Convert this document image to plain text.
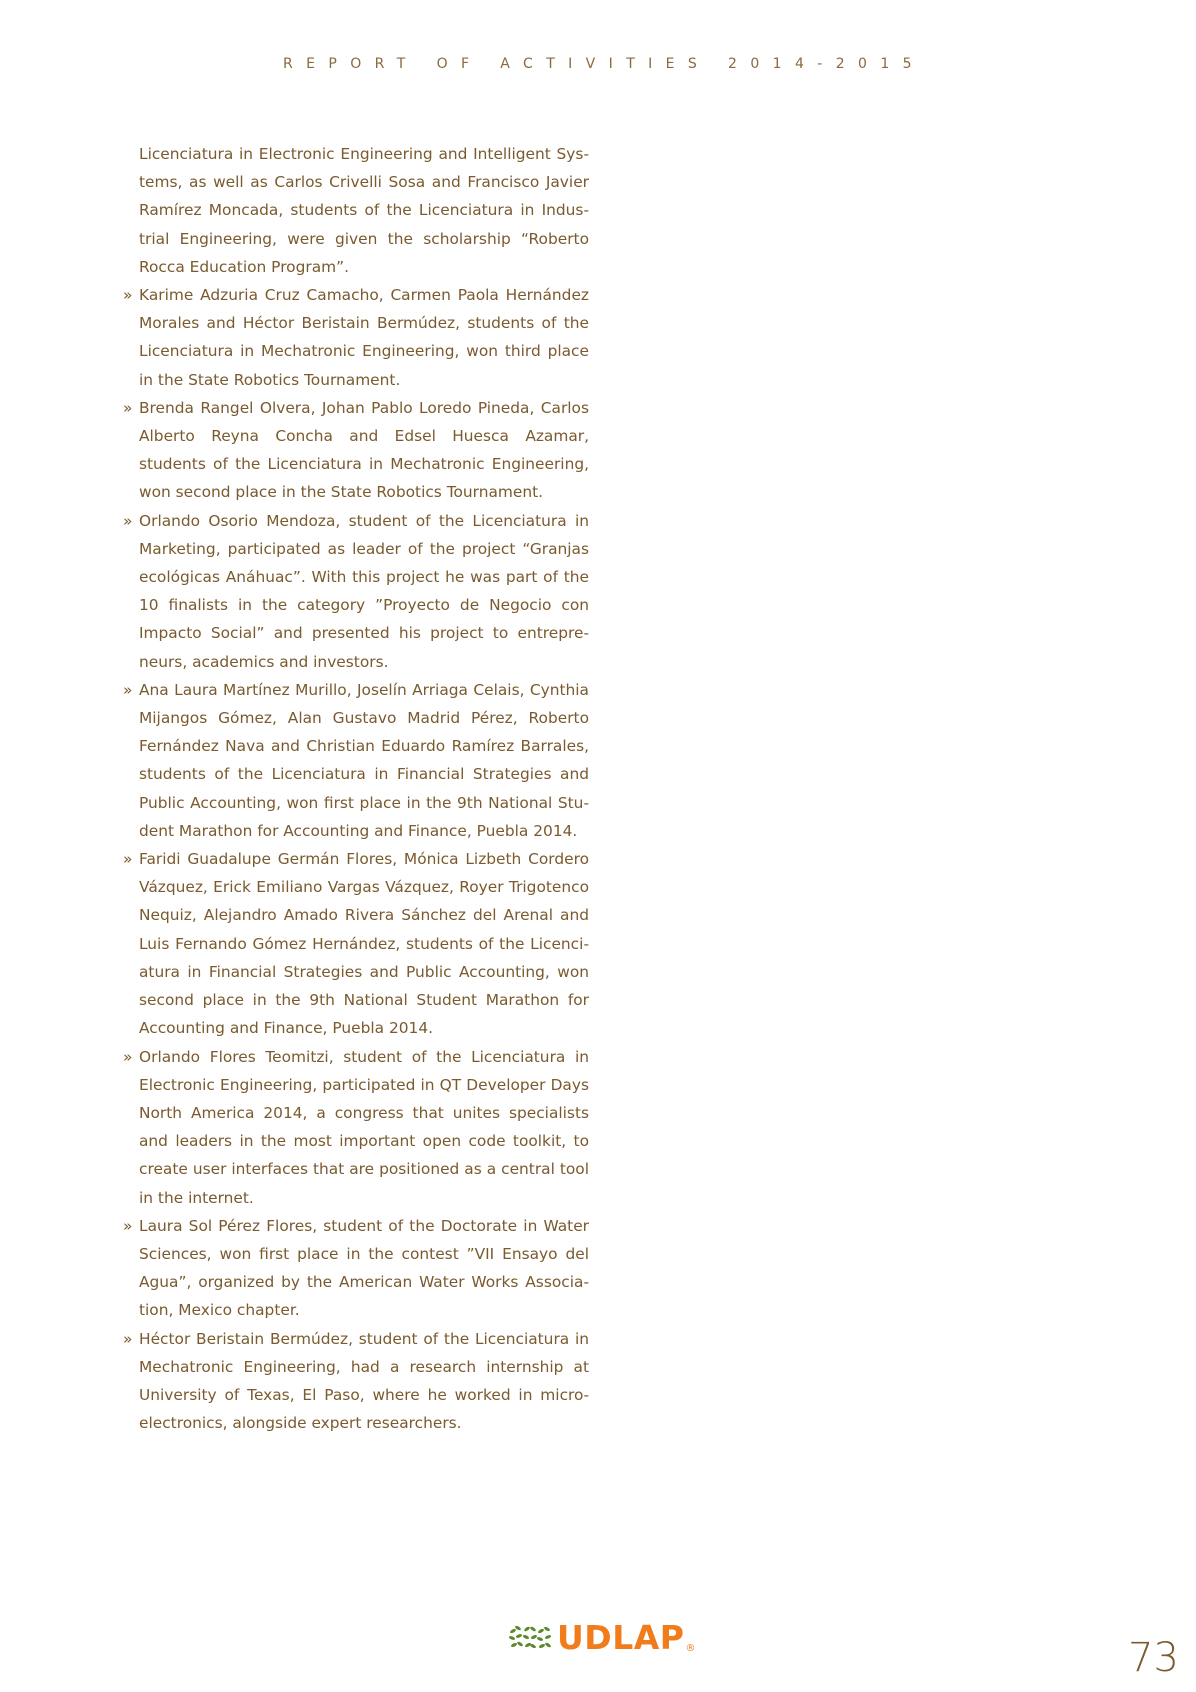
REPORT OF ACTIVITIES 2014-2015

Licenciatura in Electronic Engineering and Intelligent Systems, as well as Carlos Crivelli Sosa and Francisco Javier Ramírez Moncada, students of the Licenciatura in Industrial Engineering, were given the scholarship “Roberto Rocca Education Program”.

» Karime Adzuria Cruz Camacho, Carmen Paola Hernández Morales and Héctor Beristain Bermúdez, students of the Licenciatura in Mechatronic Engineering, won third place in the State Robotics Tournament.

» Brenda Rangel Olvera, Johan Pablo Loredo Pineda, Carlos Alberto Reyna Concha and Edsel Huesca Azamar, students of the Licenciatura in Mechatronic Engineering, won second place in the State Robotics Tournament.

» Orlando Osorio Mendoza, student of the Licenciatura in Marketing, participated as leader of the project “Granjas ecológicas Anáhuac”. With this project he was part of the 10 finalists in the category ”Proyecto de Negocio con Impacto Social” and presented his project to entrepreneurs, academics and investors.

» Ana Laura Martínez Murillo, Joselín Arriaga Celais, Cynthia Mijangos Gómez, Alan Gustavo Madrid Pérez, Roberto Fernández Nava and Christian Eduardo Ramírez Barrales, students of the Licenciatura in Financial Strategies and Public Accounting, won first place in the 9th National Student Marathon for Accounting and Finance, Puebla 2014.

» Faridi Guadalupe Germán Flores, Mónica Lizbeth Cordero Vázquez, Erick Emiliano Vargas Vázquez, Royer Trigotenco Nequiz, Alejandro Amado Rivera Sánchez del Arenal and Luis Fernando Gómez Hernández, students of the Licenciatura in Financial Strategies and Public Accounting, won second place in the 9th National Student Marathon for Accounting and Finance, Puebla 2014.

» Orlando Flores Teomitzi, student of the Licenciatura in Electronic Engineering, participated in QT Developer Days North America 2014, a congress that unites specialists and leaders in the most important open code toolkit, to create user interfaces that are positioned as a central tool in the internet.

» Laura Sol Pérez Flores, student of the Doctorate in Water Sciences, won first place in the contest ”VII Ensayo del Agua”, organized by the American Water Works Association, Mexico chapter.

» Héctor Beristain Bermúdez, student of the Licenciatura in Mechatronic Engineering, had a research internship at University of Texas, El Paso, where he worked in microelectronics, alongside expert researchers.

UDLAP ®	73
